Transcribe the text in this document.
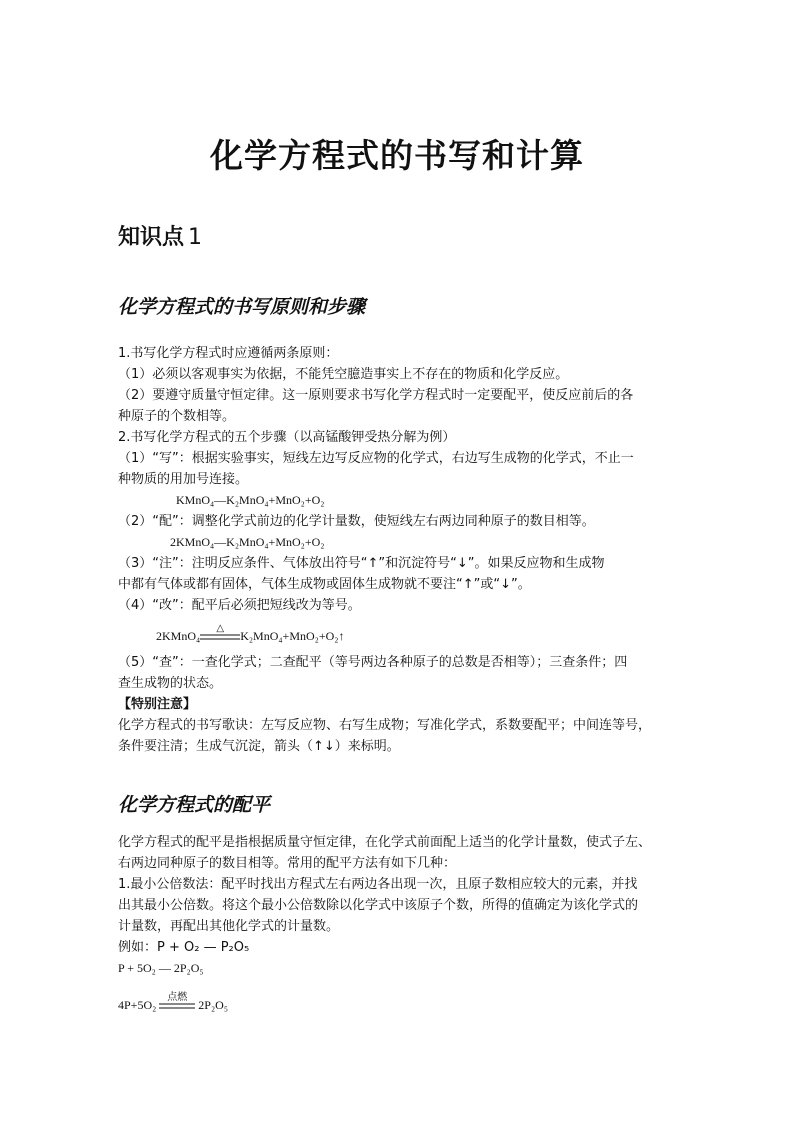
化学方程式的书写和计算
知识点 1
化学方程式的书写原则和步骤
1.书写化学方程式时应遵循两条原则：
（1）必须以客观事实为依据，不能凭空臆造事实上不存在的物质和化学反应。
（2）要遵守质量守恒定律。这一原则要求书写化学方程式时一定要配平，使反应前后的各
种原子的个数相等。
2.书写化学方程式的五个步骤（以高锰酸钾受热分解为例）
（1）“写”：根据实验事实，短线左边写反应物的化学式，右边写生成物的化学式，不止一
种物质的用加号连接。
KMnO₄—K₂MnO₄+MnO₂+O₂
（2）“配”：调整化学式前边的化学计量数，使短线左右两边同种原子的数目相等。
2KMnO₄—K₂MnO₄+MnO₂+O₂
（3）“注”：注明反应条件、气体放出符号“↑”和沉淀符号“↓”。如果反应物和生成物
中都有气体或都有固体，气体生成物或固体生成物就不要注“↑”或“↓”。
（4）“改”：配平后必须把短线改为等号。
2KMnO₄
△
K₂MnO₄+MnO₂+O₂↑
（5）“查”：一查化学式；二查配平（等号两边各种原子的总数是否相等）；三查条件；四
查生成物的状态。
【特别注意】
化学方程式的书写歌诀：左写反应物、右写生成物；写准化学式，系数要配平；中间连等号，
条件要注清；生成气沉淀，箭头（↑↓）来标明。
化学方程式的配平
化学方程式的配平是指根据质量守恒定律，在化学式前面配上适当的化学计量数，使式子左、
右两边同种原子的数目相等。常用的配平方法有如下几种：
1.最小公倍数法：配平时找出方程式左右两边各出现一次，且原子数相应较大的元素，并找
出其最小公倍数。将这个最小公倍数除以化学式中该原子个数，所得的值确定为该化学式的
计量数，再配出其他化学式的计量数。
例如：P + O₂ — P₂O₅
P + 5O₂ — 2P₂O₅
4P+5O₂
点燃
2P₂O₅
